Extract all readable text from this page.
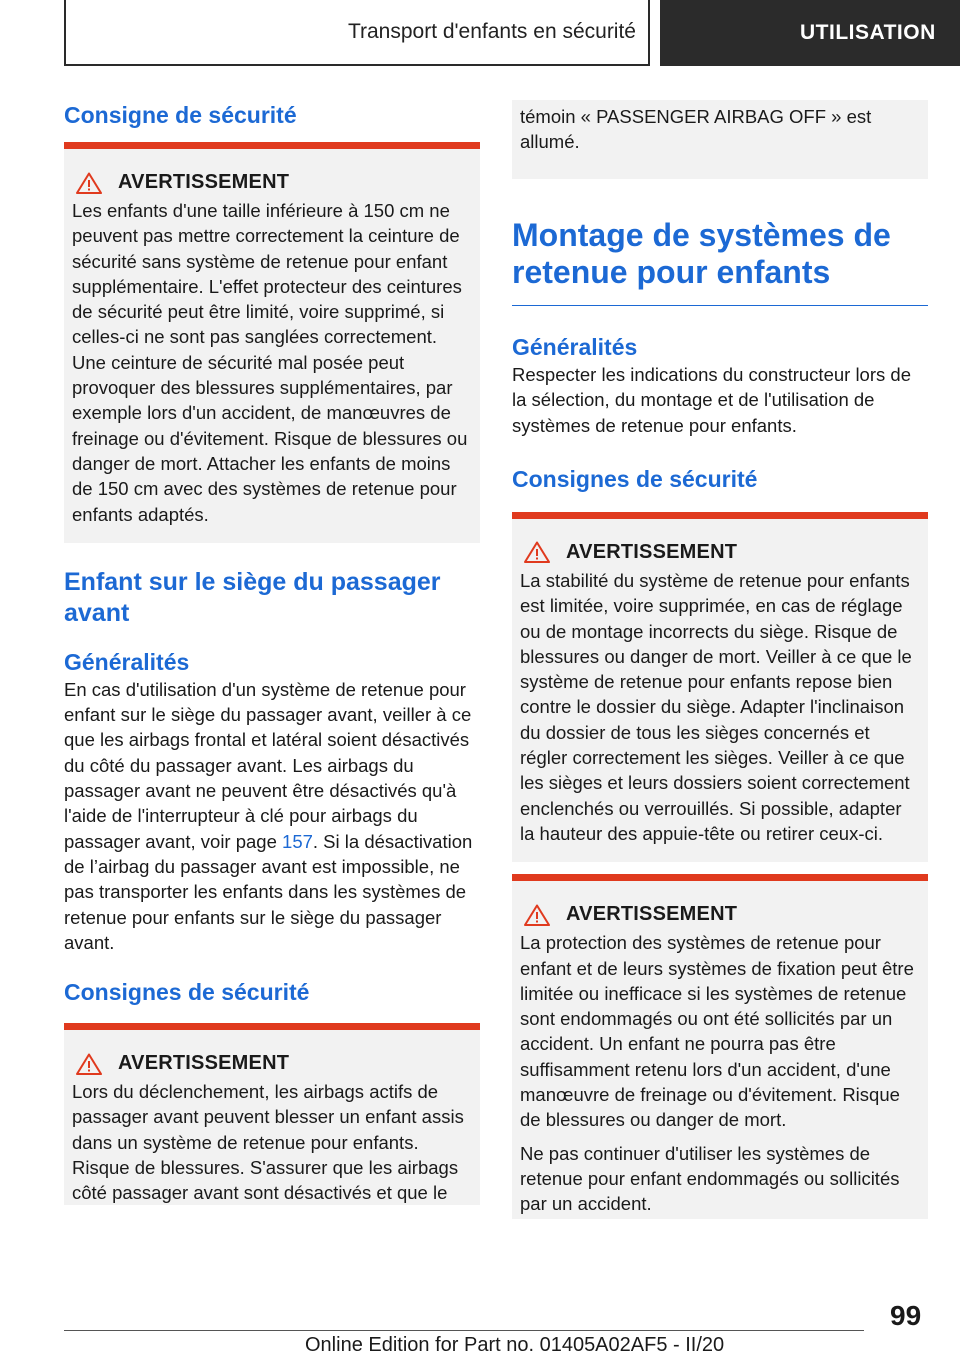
Transport d'enfants en sécurité	UTILISATION
Consigne de sécurité
AVERTISSEMENT

Les enfants d'une taille inférieure à 150 cm ne peuvent pas mettre correctement la ceinture de sécurité sans système de retenue pour enfant supplémentaire. L'effet protecteur des ceintures de sécurité peut être limité, voire supprimé, si celles-ci ne sont pas sanglées correctement. Une ceinture de sécurité mal posée peut provoquer des blessures supplémentaires, par exemple lors d'un accident, de manœuvres de freinage ou d'évitement. Risque de blessures ou danger de mort. Attacher les enfants de moins de 150 cm avec des systèmes de retenue pour enfants adaptés.

Enfant sur le siège du passager avant
Généralités

En cas d'utilisation d'un système de retenue pour enfant sur le siège du passager avant, veiller à ce que les airbags frontal et latéral soient désactivés du côté du passager avant. Les airbags du passager avant ne peuvent être désactivés qu'à l'aide de l'interrupteur à clé pour airbags du passager avant, voir page 157. Si la désactivation de l’airbag du passager avant est impossible, ne pas transporter les enfants dans les systèmes de retenue pour enfants sur le siège du passager avant.

Consignes de sécurité
AVERTISSEMENT

Lors du déclenchement, les airbags actifs de passager avant peuvent blesser un enfant assis dans un système de retenue pour enfants. Risque de blessures. S'assurer que les airbags côté passager avant sont désactivés et que le

témoin « PASSENGER AIRBAG OFF » est allumé.

Montage de systèmes de retenue pour enfants
Généralités

Respecter les indications du constructeur lors de la sélection, du montage et de l'utilisation de systèmes de retenue pour enfants.

Consignes de sécurité
AVERTISSEMENT

La stabilité du système de retenue pour enfants est limitée, voire supprimée, en cas de réglage ou de montage incorrects du siège. Risque de blessures ou danger de mort. Veiller à ce que le système de retenue pour enfants repose bien contre le dossier du siège. Adapter l'inclinaison du dossier de tous les sièges concernés et régler correctement les sièges. Veiller à ce que les sièges et leurs dossiers soient correctement enclenchés ou verrouillés. Si possible, adapter la hauteur des appuie-tête ou retirer ceux-ci.

AVERTISSEMENT

La protection des systèmes de retenue pour enfant et de leurs systèmes de fixation peut être limitée ou inefficace si les systèmes de retenue sont endommagés ou ont été sollicités par un accident. Un enfant ne pourra pas être suffisamment retenu lors d'un accident, d'une manœuvre de freinage ou d'évitement. Risque de blessures ou danger de mort.

Ne pas continuer d'utiliser les systèmes de retenue pour enfant endommagés ou sollicités par un accident.

99
Online Edition for Part no. 01405A02AF5 - II/20
